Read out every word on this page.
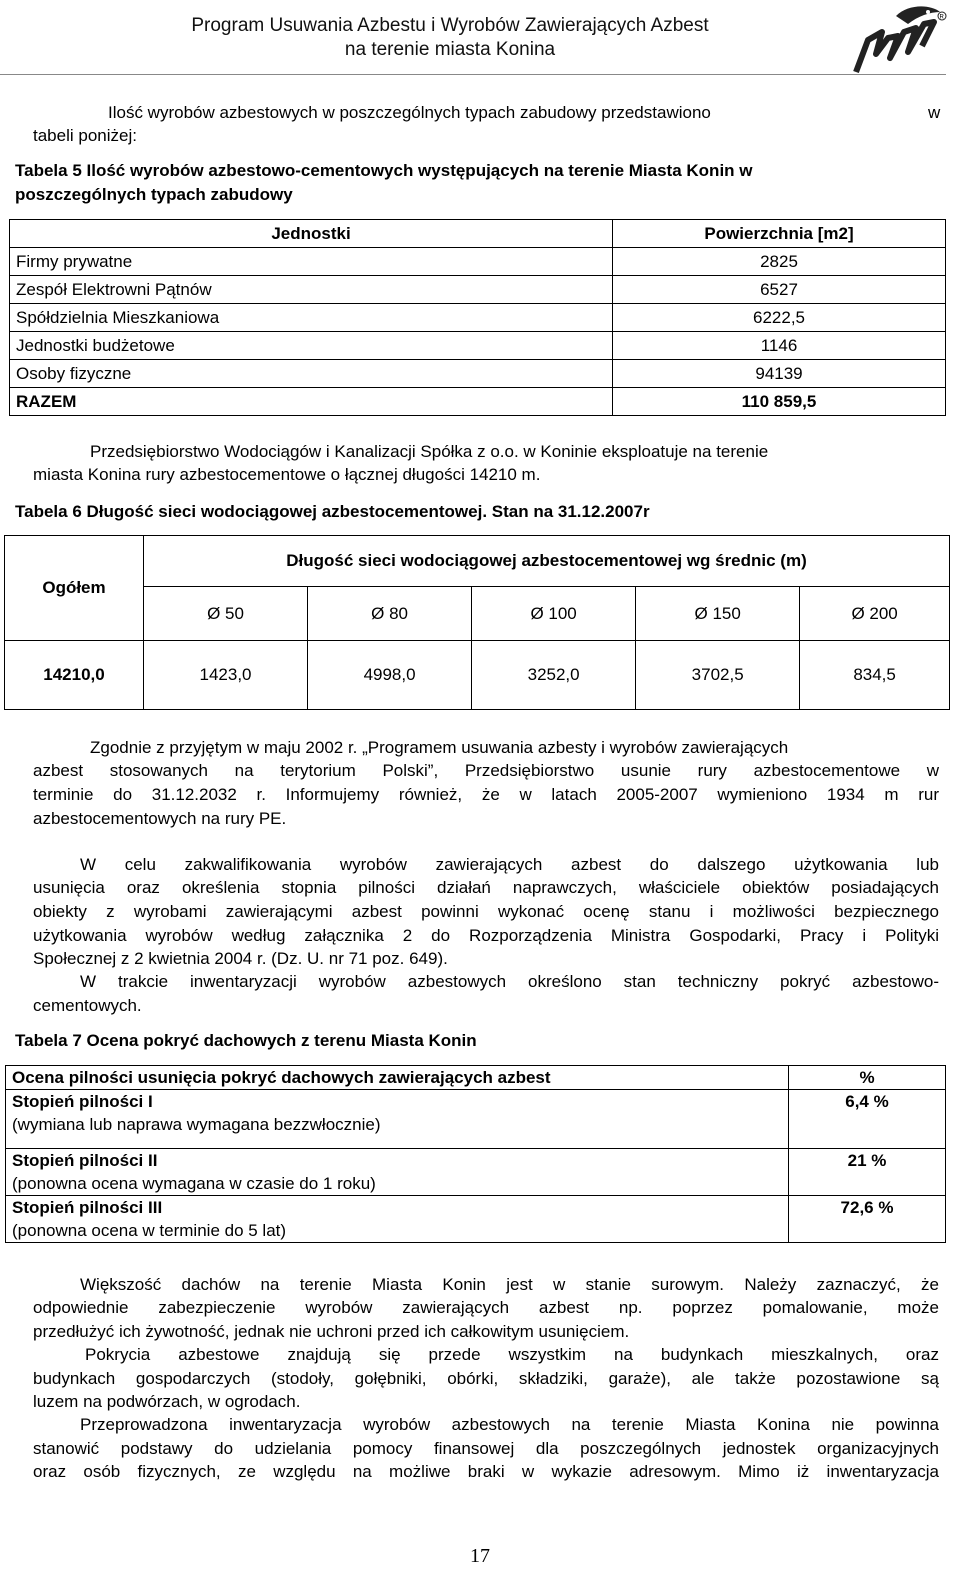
Program Usuwania Azbestu i Wyrobów Zawierających Azbest
na terenie miasta Konina
R
Ilość wyrobów azbestowych w poszczególnych typach zabudowy przedstawiono	w
tabeli poniżej:
Tabela 5 Ilość wyrobów azbestowo-cementowych występujących na terenie Miasta Konin w
poszczególnych typach zabudowy
Jednostki	Powierzchnia [m2]
Firmy prywatne	2825
Zespół Elektrowni Pątnów	6527
Spółdzielnia Mieszkaniowa	6222,5
Jednostki budżetowe	1146
Osoby fizyczne	94139
RAZEM	110 859,5
Przedsiębiorstwo Wodociągów i Kanalizacji Spółka z o.o. w Koninie eksploatuje na terenie
miasta Konina rury azbestocementowe o łącznej długości 14210 m.
Tabela 6 Długość sieci wodociągowej azbestocementowej. Stan na 31.12.2007r
Ogółem	Długość sieci wodociągowej azbestocementowej wg średnic (m)				
	Ø 50	Ø 80	Ø 100	Ø 150	Ø 200
14210,0	1423,0	4998,0	3252,0	3702,5	834,5
Zgodnie z przyjętym w maju 2002 r. „Programem usuwania azbesty i wyrobów zawierających
azbest stosowanych na terytorium Polski”, Przedsiębiorstwo usunie rury azbestocementowe w
terminie do 31.12.2032 r. Informujemy również, że w latach 2005-2007 wymieniono 1934 m rur
azbestocementowych na rury PE.
W celu zakwalifikowania wyrobów zawierających azbest do dalszego użytkowania lub
usunięcia oraz określenia stopnia pilności działań naprawczych, właściciele obiektów posiadających
obiekty z wyrobami zawierającymi azbest powinni wykonać ocenę stanu i możliwości bezpiecznego
użytkowania wyrobów według załącznika 2 do Rozporządzenia Ministra Gospodarki, Pracy i Polityki
Społecznej z 2 kwietnia 2004 r. (Dz. U. nr 71 poz. 649).
W trakcie inwentaryzacji wyrobów azbestowych określono stan techniczny pokryć azbestowo-
cementowych.
Tabela 7 Ocena pokryć dachowych z terenu Miasta Konin
Ocena pilności usunięcia pokryć dachowych zawierających azbest	%

Stopień pilności I
(wymiana lub naprawa wymagana bezzwłocznie)	6,4 %

Stopień pilności II
(ponowna ocena wymagana w czasie do 1 roku)	21 %

Stopień pilności III
(ponowna ocena w terminie do 5 lat)	72,6 %
Większość dachów na terenie Miasta Konin jest w stanie surowym. Należy zaznaczyć, że
odpowiednie zabezpieczenie wyrobów zawierających azbest np. poprzez pomalowanie, może
przedłużyć ich żywotność, jednak nie uchroni przed ich całkowitym usunięciem.
Pokrycia azbestowe znajdują się przede wszystkim na budynkach mieszkalnych, oraz
budynkach gospodarczych (stodoły, gołębniki, obórki, składziki, garaże), ale także pozostawione są
luzem na podwórzach, w ogrodach.
Przeprowadzona inwentaryzacja wyrobów azbestowych na terenie Miasta Konina nie powinna
stanowić podstawy do udzielania pomocy finansowej dla poszczególnych jednostek organizacyjnych
oraz osób fizycznych, ze względu na możliwe braki w wykazie adresowym. Mimo iż inwentaryzacja
17
